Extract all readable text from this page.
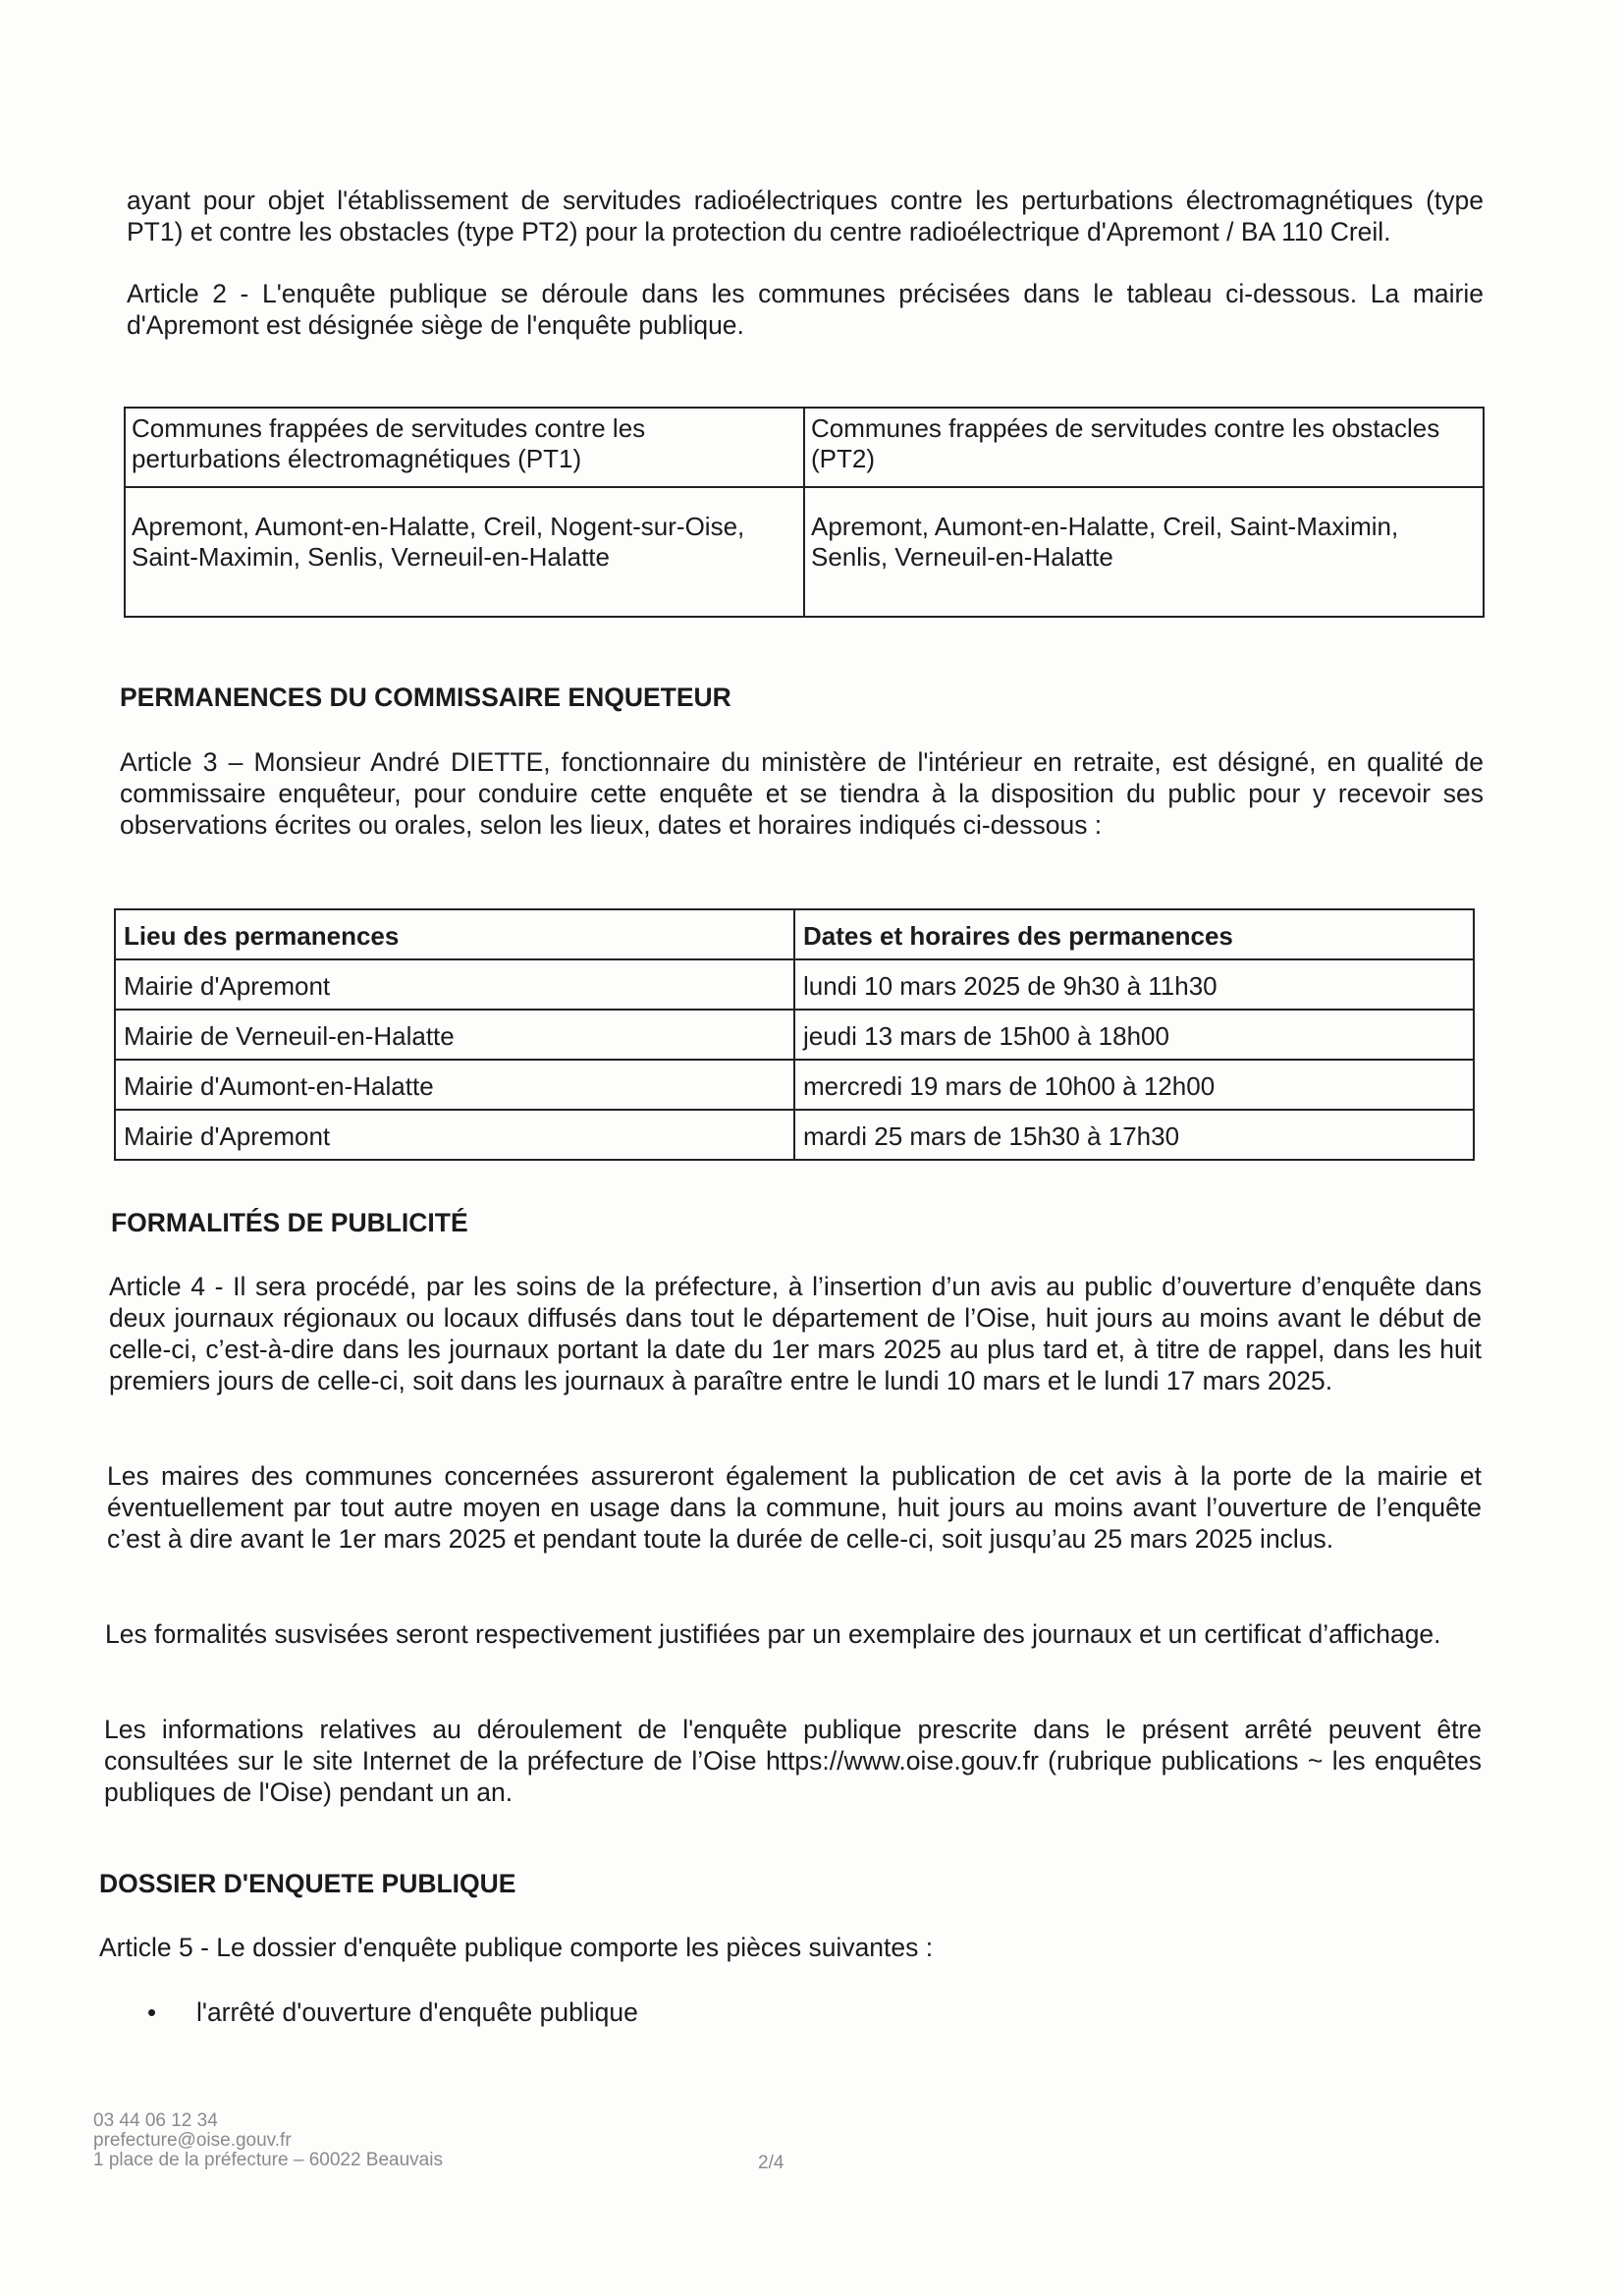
ayant pour objet l'établissement de servitudes radioélectriques contre les perturbations électromagnétiques (type PT1) et contre les obstacles (type PT2) pour la protection du centre radioélectrique d'Apremont / BA 110 Creil.
Article 2 - L'enquête publique se déroule dans les communes précisées dans le tableau ci-dessous. La mairie d'Apremont est désignée siège de l'enquête publique.
Communes frappées de servitudes contre les perturbations électromagnétiques (PT1)	Communes frappées de servitudes contre les obstacles (PT2)
Apremont, Aumont-en-Halatte, Creil, Nogent-sur-Oise, Saint-Maximin, Senlis, Verneuil-en-Halatte	Apremont, Aumont-en-Halatte, Creil, Saint-Maximin, Senlis, Verneuil-en-Halatte
PERMANENCES DU COMMISSAIRE ENQUETEUR
Article 3 – Monsieur André DIETTE, fonctionnaire du ministère de l'intérieur en retraite, est désigné, en qualité de commissaire enquêteur, pour conduire cette enquête et se tiendra à la disposition du public pour y recevoir ses observations écrites ou orales, selon les lieux, dates et horaires indiqués ci-dessous :
Lieu des permanences	Dates et horaires des permanences
Mairie d'Apremont	lundi 10 mars 2025 de 9h30 à 11h30
Mairie de Verneuil-en-Halatte	jeudi 13 mars de 15h00 à 18h00
Mairie d'Aumont-en-Halatte	mercredi 19 mars de 10h00 à 12h00
Mairie d'Apremont	mardi 25 mars de 15h30 à 17h30
FORMALITÉS DE PUBLICITÉ
Article 4 - Il sera procédé, par les soins de la préfecture, à l’insertion d’un avis au public d’ouverture d’enquête dans deux journaux régionaux ou locaux diffusés dans tout le département de l’Oise, huit jours au moins avant le début de celle-ci, c’est-à-dire dans les journaux portant la date du 1er mars 2025 au plus tard et, à titre de rappel, dans les huit premiers jours de celle-ci, soit dans les journaux à paraître entre le lundi 10 mars et le lundi 17 mars 2025.
Les maires des communes concernées assureront également la publication de cet avis à la porte de la mairie et éventuellement par tout autre moyen en usage dans la commune, huit jours au moins avant l’ouverture de l’enquête c’est à dire avant le 1er mars 2025 et pendant toute la durée de celle-ci, soit jusqu’au 25 mars 2025 inclus.
Les formalités susvisées seront respectivement justifiées par un exemplaire des journaux et un certificat d’affichage.
Les informations relatives au déroulement de l'enquête publique prescrite dans le présent arrêté peuvent être consultées sur le site Internet de la préfecture de l’Oise https://www.oise.gouv.fr (rubrique publications ~ les enquêtes publiques de l'Oise) pendant un an.
DOSSIER D'ENQUETE PUBLIQUE
Article 5 - Le dossier d'enquête publique comporte les pièces suivantes :
• l'arrêté d'ouverture d'enquête publique
03 44 06 12 34
prefecture@oise.gouv.fr
1 place de la préfecture – 60022 Beauvais	2/4
